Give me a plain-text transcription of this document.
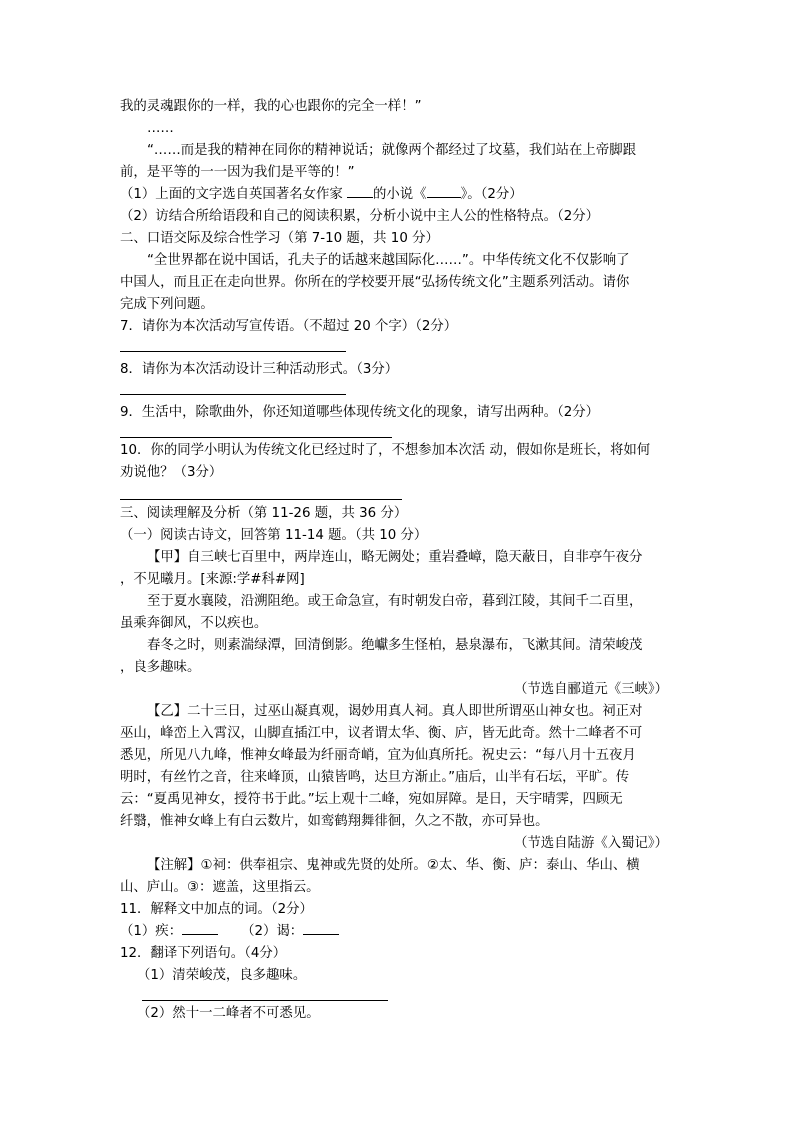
我的灵魂跟你的一样，我的心也跟你的完全一样！”
……
“……而是我的精神在同你的精神说话；就像两个都经过了坟墓，我们站在上帝脚跟
前，是平等的一一因为我们是平等的！”
（1）上面的文字选自英国著名女作家 的小说《	》。（2分）
（2）访结合所给语段和自己的阅读积累，分析小说中主人公的性格特点。（2分）
二、口语交际及综合性学习（第 7-10 题，共 10 分）
“全世界都在说中国话，孔夫子的话越来越国际化……”。中华传统文化不仅影响了
中国人，而且正在走向世界。你所在的学校要开展“弘扬传统文化”主题系列活动。请你
完成下列问题。
7．请你为本次活动写宣传语。（不超过 20 个字）（2分）
8．请你为本次活动设计三种活动形式。（3分）
9．生活中，除歌曲外，你还知道哪些体现传统文化的现象，请写出两种。（2分）
10．你的同学小明认为传统文化已经过时了，不想参加本次活 动，假如你是班长，将如何
劝说他？（3分）
三、阅读理解及分析（第 11-26 题，共 36 分）
（一）阅读古诗文，回答第 11-14 题。（共 10 分）
【甲】自三峡七百里中，两岸连山，略无阙处；重岩叠嶂，隐天蔽日，自非亭午夜分
，不见曦月。[来源:学#科#网]
至于夏水襄陵，沿溯阻绝。或王命急宣，有时朝发白帝，暮到江陵，其间千二百里，
虽乘奔御风，不以疾也。
春冬之时，则素湍绿潭，回清倒影。绝巘多生怪柏，悬泉瀑布，飞漱其间。清荣峻茂
，良多趣味。
（节选自郦道元《三峡》）
【乙】二十三日，过巫山凝真观，谒妙用真人祠。真人即世所谓巫山神女也。祠正对
巫山，峰峦上入霄汉，山脚直插江中，议者谓太华、衡、庐，皆无此奇。然十二峰者不可
悉见，所见八九峰，惟神女峰最为纤丽奇峭，宜为仙真所托。祝史云：“每八月十五夜月
明时，有丝竹之音，往来峰顶，山猿皆鸣，达旦方渐止。”庙后，山半有石坛，平旷。传
云：“夏禹见神女，授符书于此。”坛上观十二峰，宛如屏障。是日，天宇晴霁，四顾无
纤翳，惟神女峰上有白云数片，如鸾鹤翔舞徘徊，久之不散，亦可异也。
（节选自陆游《入蜀记》）
【注解】①祠：供奉祖宗、鬼神或先贤的处所。②太、华、衡、庐：泰山、华山、横
山、庐山。③：遮盖，这里指云。
11．解释文中加点的词。（2分）
（1）疾：	（2）谒：
12．翻译下列语句。（4分）
（1）清荣峻茂，良多趣味。
（2）然十一二峰者不可悉见。
